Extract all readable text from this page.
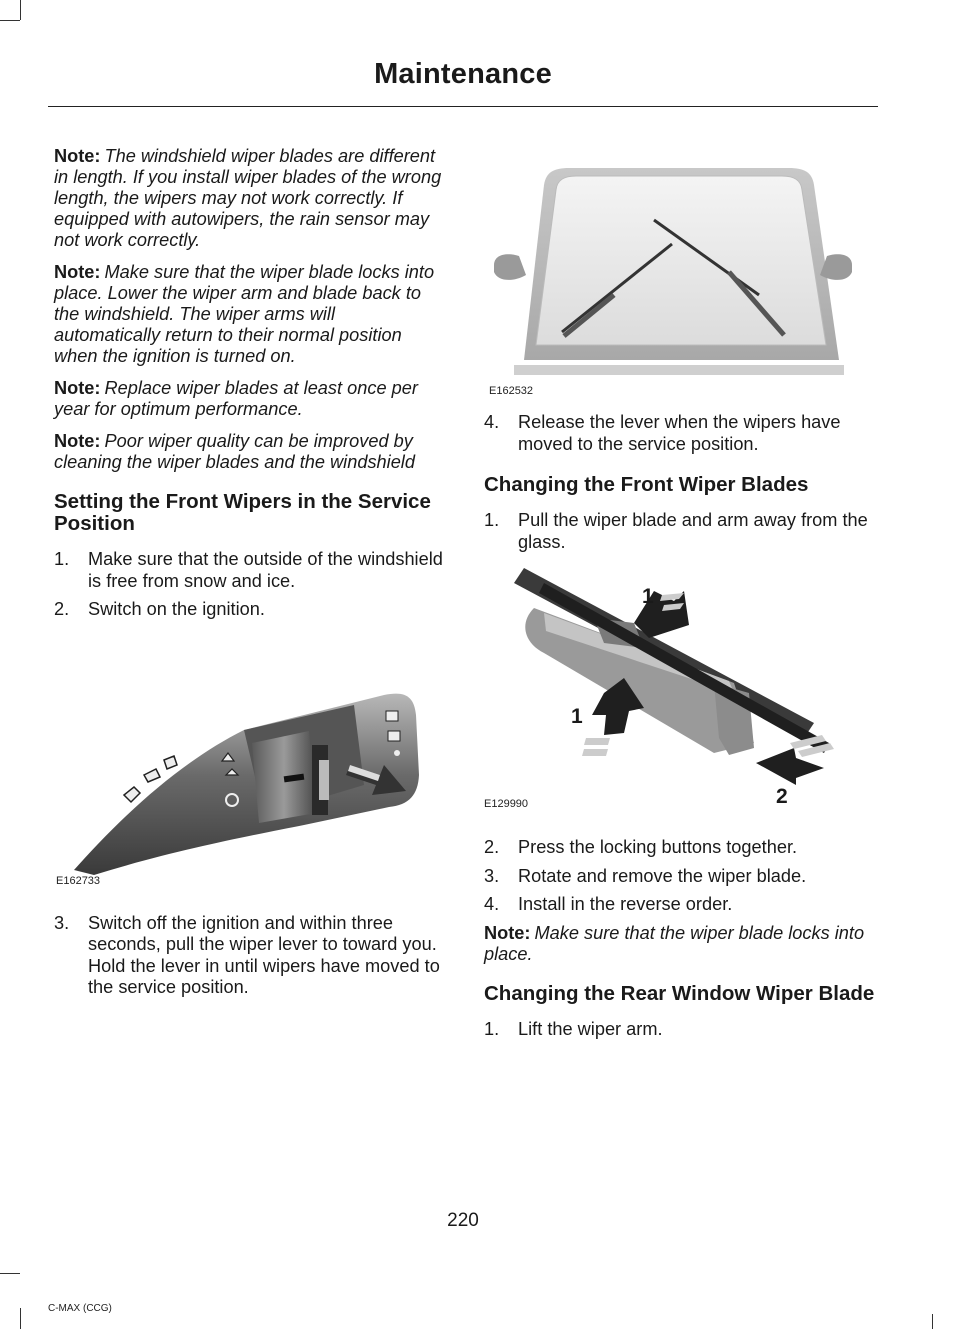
Maintenance

Note: The windshield wiper blades are different in length. If you install wiper blades of the wrong length, the wipers may not work correctly. If equipped with autowipers, the rain sensor may not work correctly.

Note: Make sure that the wiper blade locks into place. Lower the wiper arm and blade back to the windshield. The wiper arms will automatically return to their normal position when the ignition is turned on.

Note: Replace wiper blades at least once per year for optimum performance.

Note: Poor wiper quality can be improved by cleaning the wiper blades and the windshield

Setting the Front Wipers in the Service Position
1.	Make sure that the outside of the windshield is free from snow and ice.
2.	Switch on the ignition.
E162733
3.	Switch off the ignition and within three seconds, pull the wiper lever to toward you. Hold the lever in until wipers have moved to the service position.
E162532
4.	Release the lever when the wipers have moved to the service position.
Changing the Front Wiper Blades
1.	Pull the wiper blade and arm away from the glass.
1
1
2
E129990
2.	Press the locking buttons together.
3.	Rotate and remove the wiper blade.
4.	Install in the reverse order.

Note: Make sure that the wiper blade locks into place.

Changing the Rear Window Wiper Blade
1.	Lift the wiper arm.
220
C-MAX (CCG)
